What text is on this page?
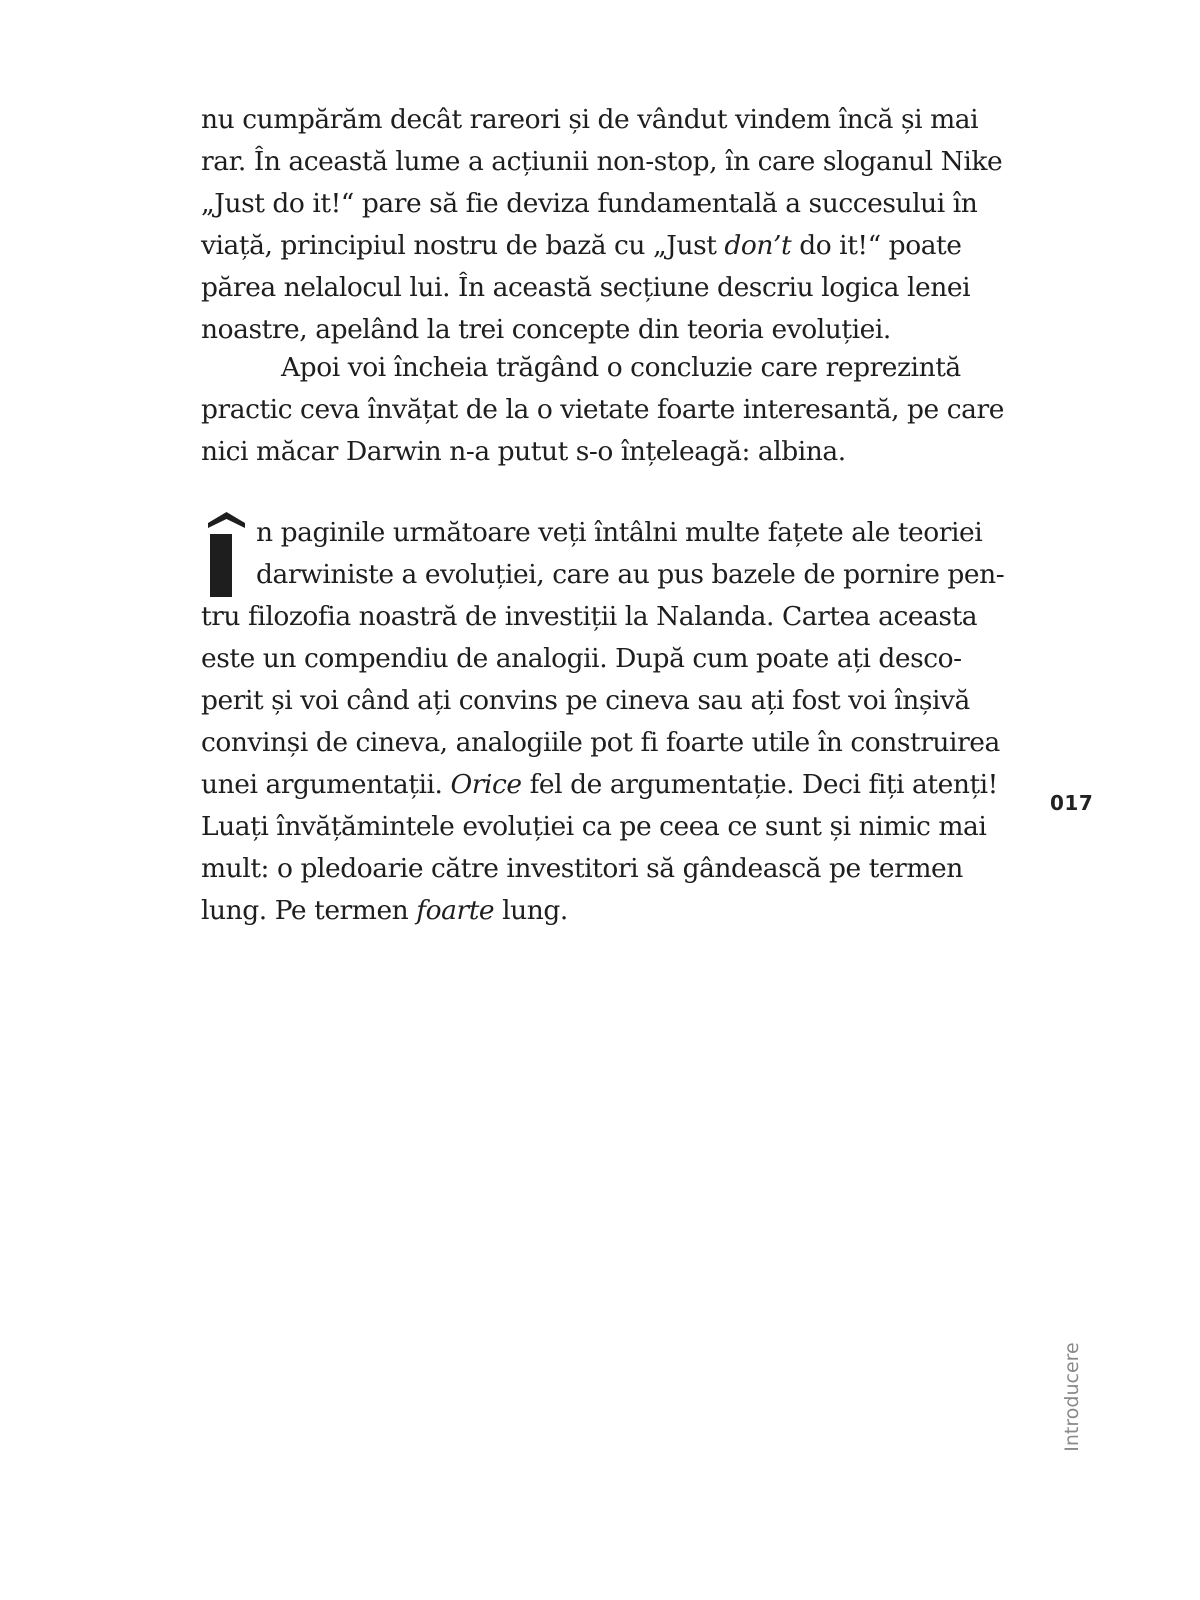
nu cumpărăm decât rareori și de vândut vindem încă și mai
rar. În această lume a acțiunii non-stop, în care sloganul Nike
„Just do it!“ pare să fie deviza fundamentală a succesului în
viață, principiul nostru de bază cu „Just don’t do it!“ poate
părea nelalocul lui. În această secțiune descriu logica lenei
noastre, apelând la trei concepte din teoria evoluției.
Apoi voi încheia trăgând o concluzie care reprezintă
practic ceva învățat de la o vietate foarte interesantă, pe care
nici măcar Darwin n-a putut s-o înțeleagă: albina.
n paginile următoare veți întâlni multe fațete ale teoriei
darwiniste a evoluției, care au pus bazele de pornire pen-
tru filozofia noastră de investiții la Nalanda. Cartea aceasta
este un compendiu de analogii. După cum poate ați desco-
perit și voi când ați convins pe cineva sau ați fost voi înșivă
convinși de cineva, analogiile pot fi foarte utile în construirea
unei argumentații. Orice fel de argumentație. Deci fiți atenți!
Luați învățămintele evoluției ca pe ceea ce sunt și nimic mai
mult: o pledoarie către investitori să gândească pe termen
lung. Pe termen foarte lung.
017
Introducere
